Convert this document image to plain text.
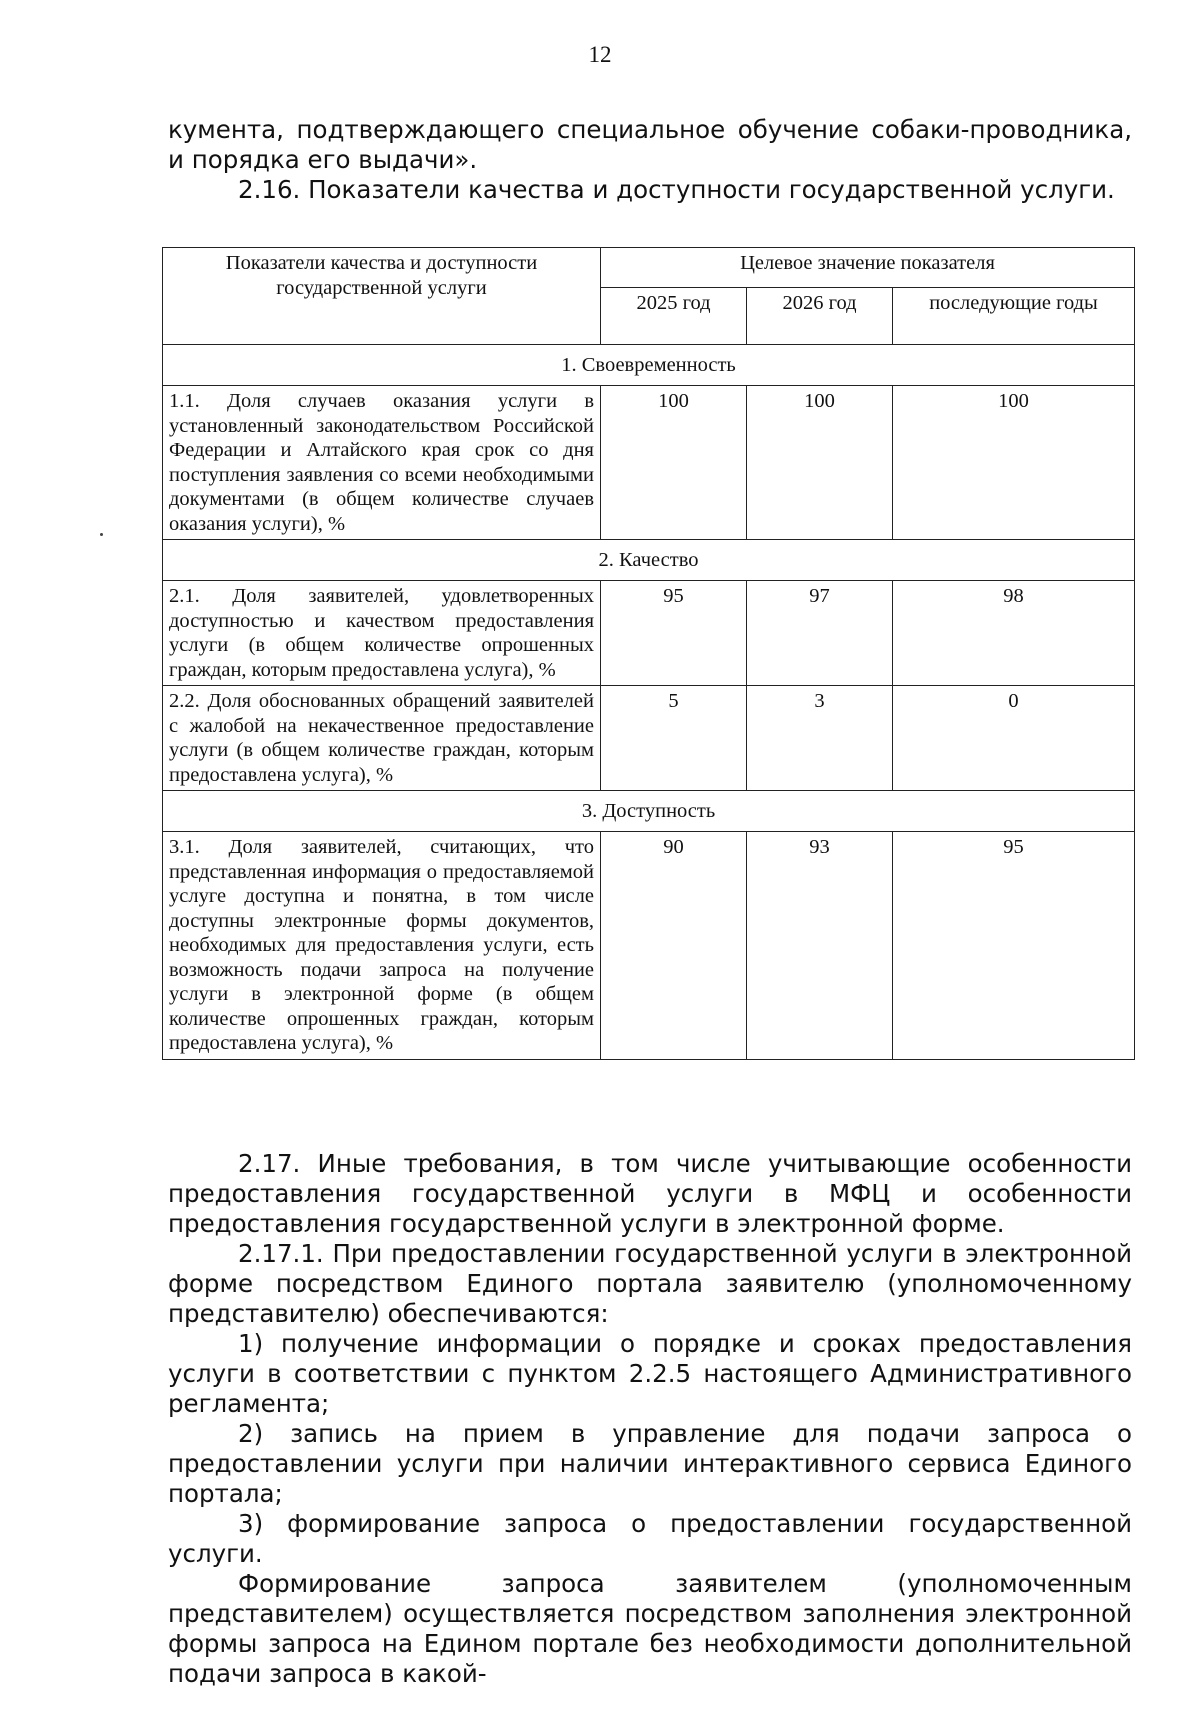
12

кумента, подтверждающего специальное обучение собаки-проводника, и порядка его выдачи».

2.16. Показатели качества и доступности государственной услуги.

Показатели качества и доступности государственной услуги	Целевое значение показателя		
	2025 год	2026 год	последующие годы
1. Своевременность			
1.1. Доля случаев оказания услуги в установленный законодательством Российской Федерации и Алтайского края срок со дня поступления заявления со всеми необходимыми документами (в общем количестве случаев оказания услуги), %	100	100	100
2. Качество			
2.1. Доля заявителей, удовлетворенных доступностью и качеством предоставления услуги (в общем количестве опрошенных граждан, которым предоставлена услуга), %	95	97	98
2.2. Доля обоснованных обращений заявителей с жалобой на некачественное предоставление услуги (в общем количестве граждан, которым предоставлена услуга), %	5	3	0
3. Доступность			
3.1. Доля заявителей, считающих, что представленная информация о предоставляемой услуге доступна и понятна, в том числе доступны электронные формы документов, необходимых для предоставления услуги, есть возможность подачи запроса на получение услуги в электронной форме (в общем количестве опрошенных граждан, которым предоставлена услуга), %	90	93	95

2.17. Иные требования, в том числе учитывающие особенности предоставления государственной услуги в МФЦ и особенности предоставления государственной услуги в электронной форме.

2.17.1. При предоставлении государственной услуги в электронной форме посредством Единого портала заявителю (уполномоченному представителю) обеспечиваются:

1) получение информации о порядке и сроках предоставления услуги в соответствии с пунктом 2.2.5 настоящего Административного регламента;

2) запись на прием в управление для подачи запроса о предоставлении услуги при наличии интерактивного сервиса Единого портала;

3) формирование запроса о предоставлении государственной услуги.

Формирование запроса заявителем (уполномоченным представителем) осуществляется посредством заполнения электронной формы запроса на Едином портале без необходимости дополнительной подачи запроса в какой-
